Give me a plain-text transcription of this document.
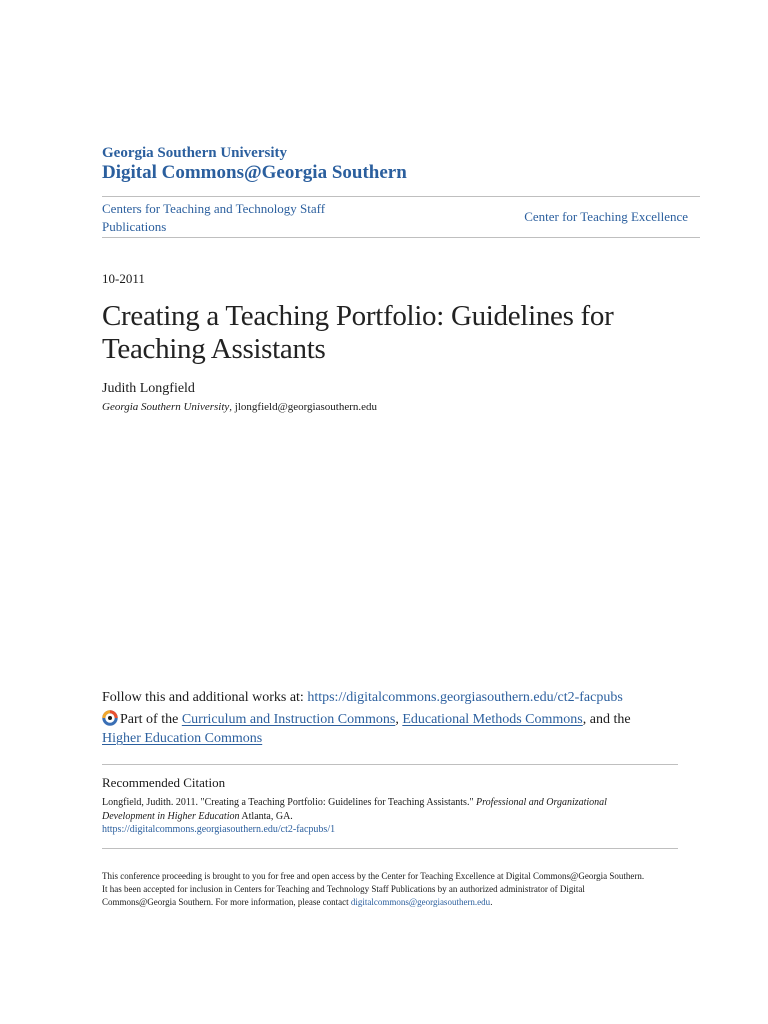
Georgia Southern University
Digital Commons@Georgia Southern
Centers for Teaching and Technology Staff Publications
Center for Teaching Excellence
10-2011
Creating a Teaching Portfolio: Guidelines for Teaching Assistants
Judith Longfield
Georgia Southern University, jlongfield@georgiasouthern.edu
Follow this and additional works at: https://digitalcommons.georgiasouthern.edu/ct2-facpubs
Part of the Curriculum and Instruction Commons, Educational Methods Commons, and the
Higher Education Commons
Recommended Citation
Longfield, Judith. 2011. "Creating a Teaching Portfolio: Guidelines for Teaching Assistants." Professional and Organizational Development in Higher Education Atlanta, GA.
https://digitalcommons.georgiasouthern.edu/ct2-facpubs/1
This conference proceeding is brought to you for free and open access by the Center for Teaching Excellence at Digital Commons@Georgia Southern.
It has been accepted for inclusion in Centers for Teaching and Technology Staff Publications by an authorized administrator of Digital
Commons@Georgia Southern. For more information, please contact digitalcommons@georgiasouthern.edu.
